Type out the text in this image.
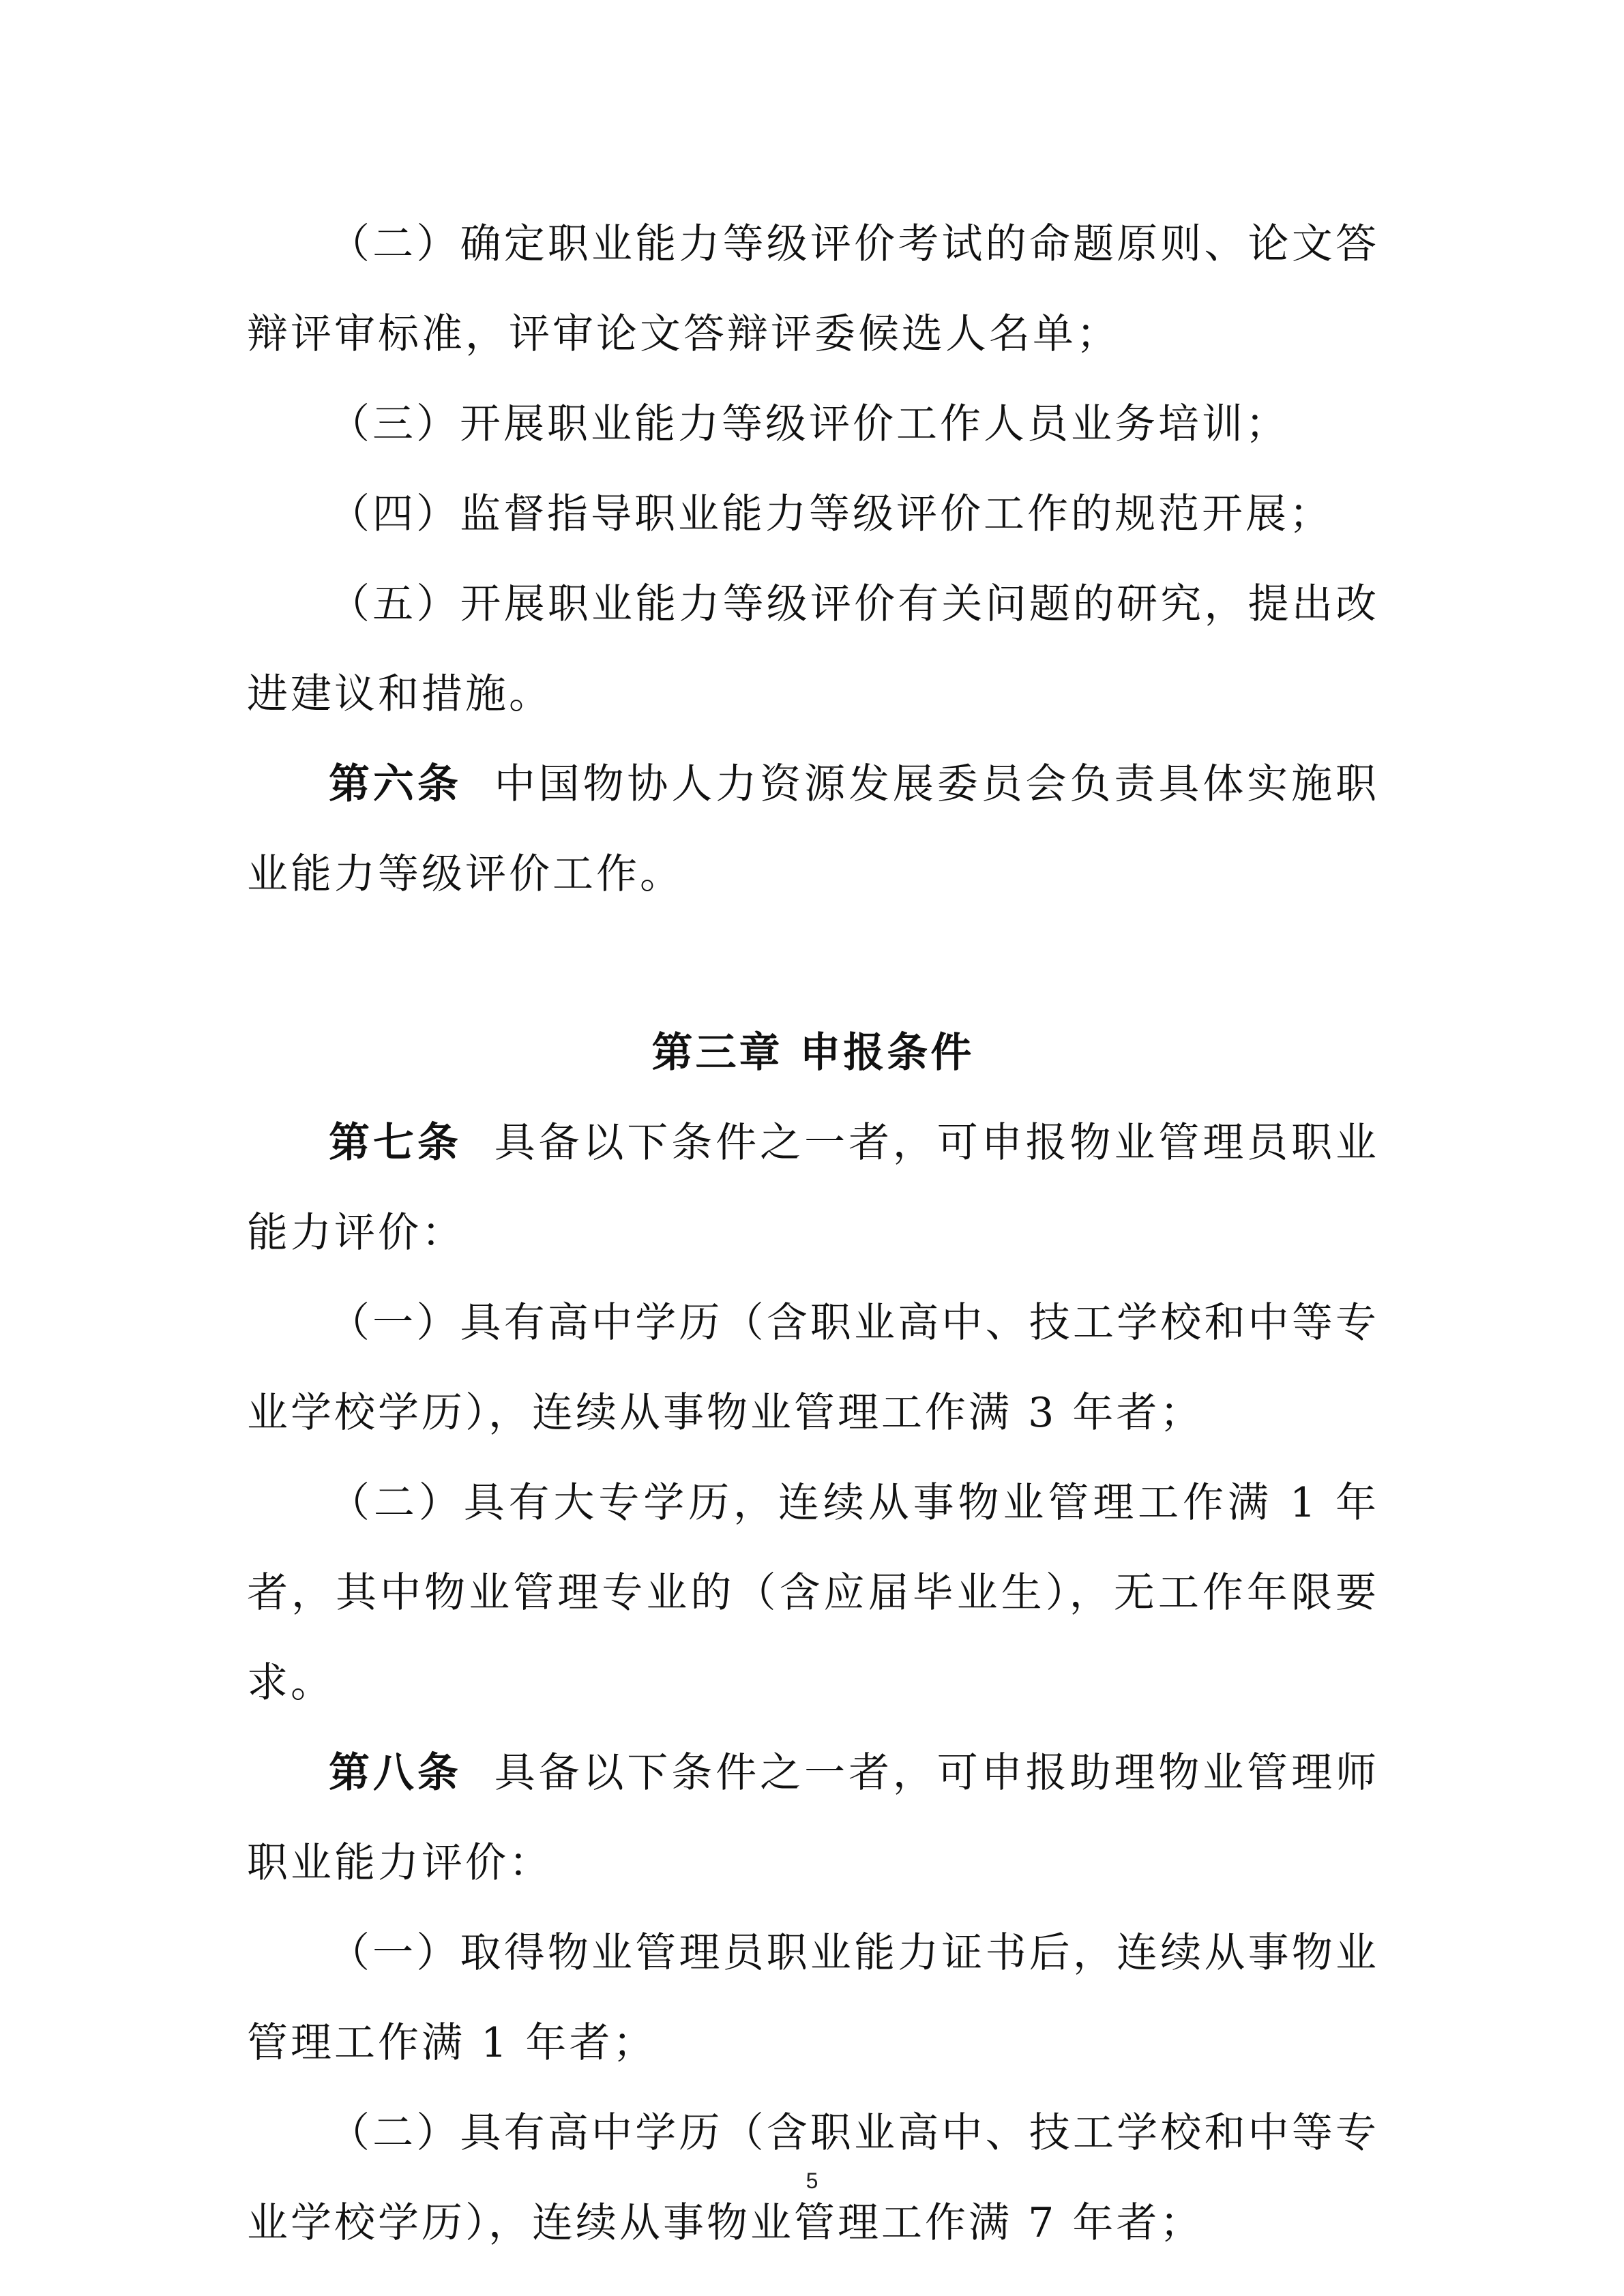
（二）确定职业能力等级评价考试的命题原则、论文答辩评审标准，评审论文答辩评委候选人名单；

（三）开展职业能力等级评价工作人员业务培训；

（四）监督指导职业能力等级评价工作的规范开展；

（五）开展职业能力等级评价有关问题的研究，提出改进建议和措施。

第六条 中国物协人力资源发展委员会负责具体实施职业能力等级评价工作。

第三章 申报条件

第七条 具备以下条件之一者，可申报物业管理员职业能力评价：

（一）具有高中学历（含职业高中、技工学校和中等专业学校学历），连续从事物业管理工作满 3 年者；

（二）具有大专学历，连续从事物业管理工作满 1 年者，其中物业管理专业的（含应届毕业生），无工作年限要求。

第八条 具备以下条件之一者，可申报助理物业管理师职业能力评价：

（一）取得物业管理员职业能力证书后，连续从事物业管理工作满 1 年者；

（二）具有高中学历（含职业高中、技工学校和中等专业学校学历），连续从事物业管理工作满 7 年者；

5
